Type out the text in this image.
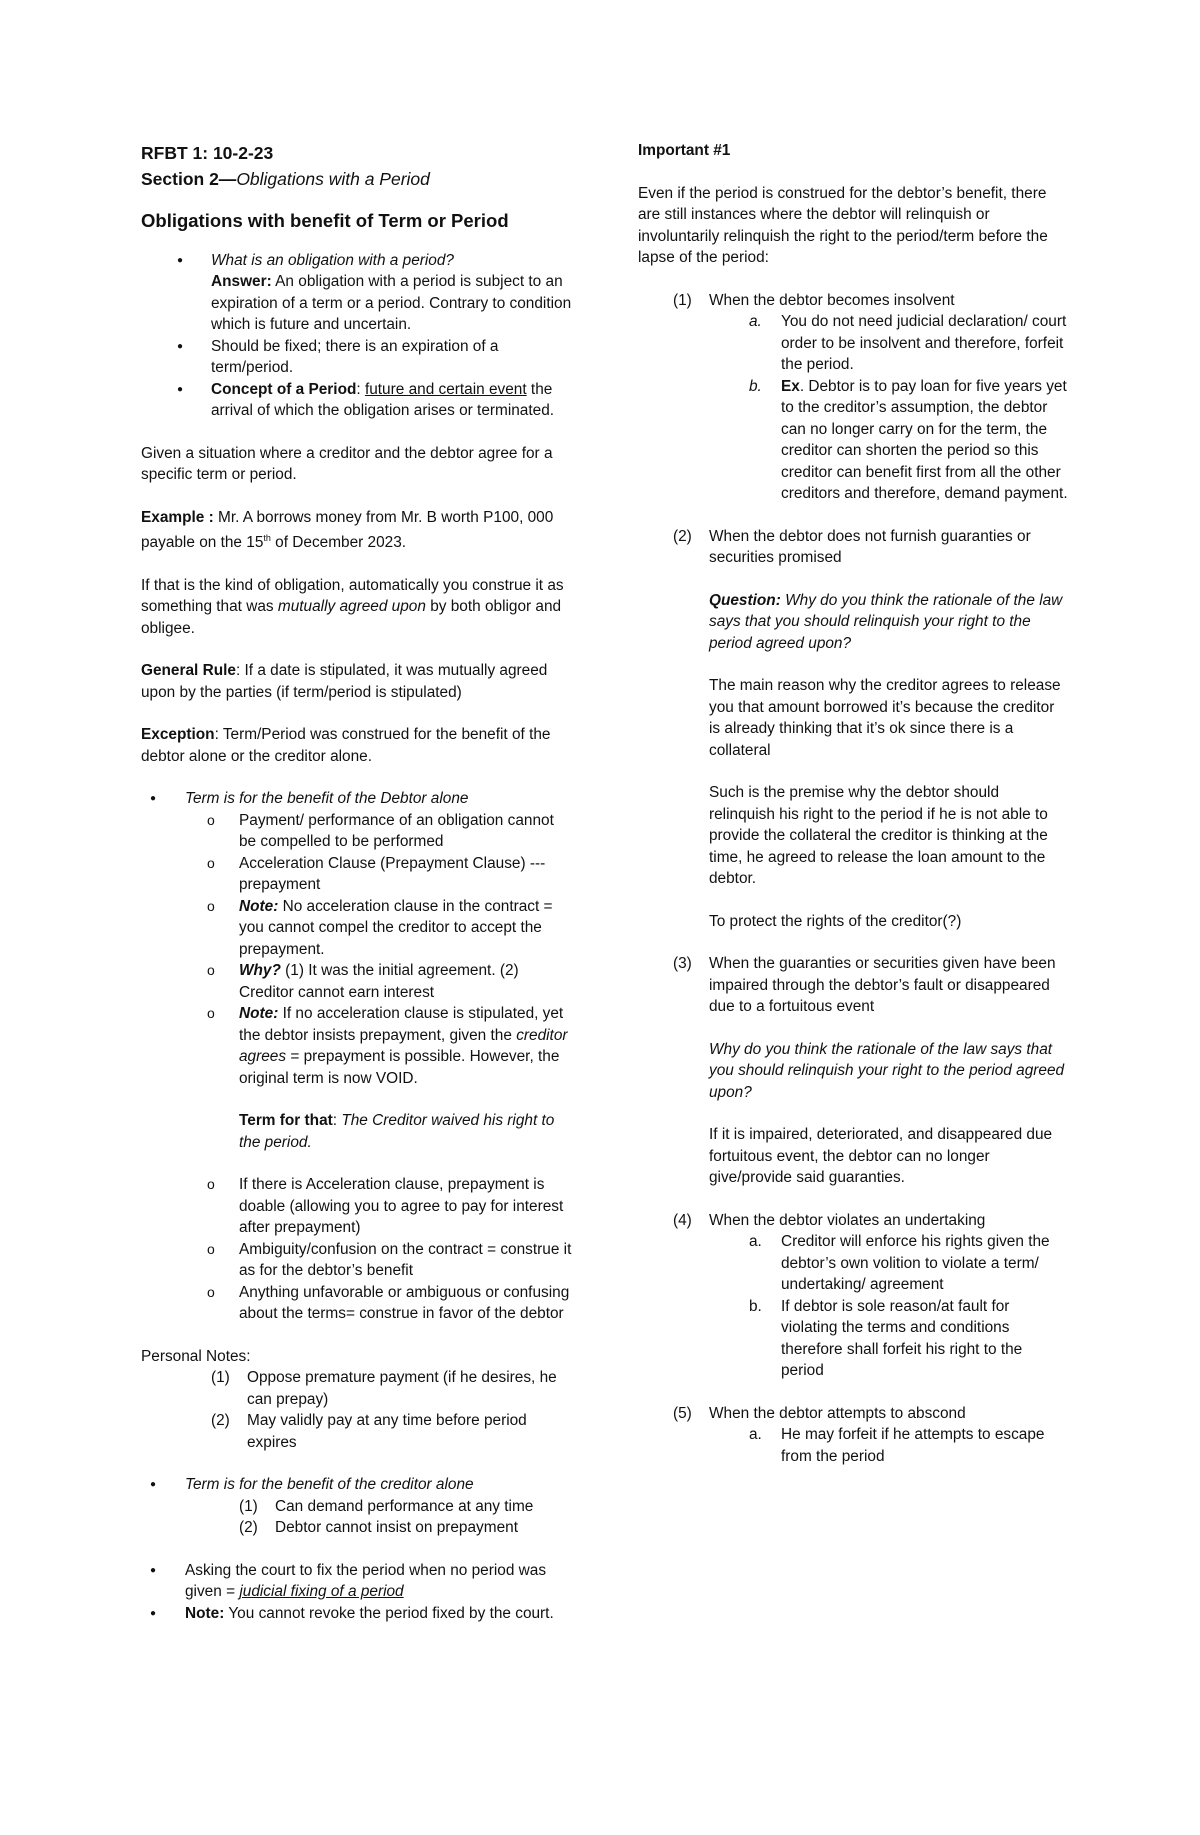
RFBT 1: 10-2-23

Section 2—Obligations with a Period

Obligations with benefit of Term or Period

● What is an obligation with a period?
Answer: An obligation with a period is subject to an expiration of a term or a period. Contrary to condition which is future and uncertain.
● Should be fixed; there is an expiration of a term/period.
● Concept of a Period: future and certain event the arrival of which the obligation arises or terminated.

Given a situation where a creditor and the debtor agree for a specific term or period.

Example : Mr. A borrows money from Mr. B worth P100, 000 payable on the 15th of December 2023.

If that is the kind of obligation, automatically you construe it as something that was mutually agreed upon by both obligor and obligee.

General Rule: If a date is stipulated, it was mutually agreed upon by the parties (if term/period is stipulated)

Exception: Term/Period was construed for the benefit of the debtor alone or the creditor alone.

● Term is for the benefit of the Debtor alone
o Payment/ performance of an obligation cannot be compelled to be performed
o Acceleration Clause (Prepayment Clause) --- prepayment
o Note: No acceleration clause in the contract = you cannot compel the creditor to accept the prepayment.
o Why? (1) It was the initial agreement. (2) Creditor cannot earn interest
o Note: If no acceleration clause is stipulated, yet the debtor insists prepayment, given the creditor agrees = prepayment is possible. However, the original term is now VOID.

Term for that: The Creditor waived his right to the period.

o If there is Acceleration clause, prepayment is doable (allowing you to agree to pay for interest after prepayment)
o Ambiguity/confusion on the contract = construe it as for the debtor’s benefit
o Anything unfavorable or ambiguous or confusing about the terms= construe in favor of the debtor

Personal Notes:

(1) Oppose premature payment (if he desires, he can prepay)
(2) May validly pay at any time before period expires
● Term is for the benefit of the creditor alone
(1) Can demand performance at any time
(2) Debtor cannot insist on prepayment
● Asking the court to fix the period when no period was given = judicial fixing of a period
● Note: You cannot revoke the period fixed by the court.

Important #1

Even if the period is construed for the debtor’s benefit, there are still instances where the debtor will relinquish or involuntarily relinquish the right to the period/term before the lapse of the period:

(1) When the debtor becomes insolvent
a. You do not need judicial declaration/ court order to be insolvent and therefore, forfeit the period.
b. Ex. Debtor is to pay loan for five years yet to the creditor’s assumption, the debtor can no longer carry on for the term, the creditor can shorten the period so this creditor can benefit first from all the other creditors and therefore, demand payment.
(2) When the debtor does not furnish guaranties or securities promised

Question: Why do you think the rationale of the law says that you should relinquish your right to the period agreed upon?

The main reason why the creditor agrees to release you that amount borrowed it’s because the creditor is already thinking that it’s ok since there is a collateral

Such is the premise why the debtor should relinquish his right to the period if he is not able to provide the collateral the creditor is thinking at the time, he agreed to release the loan amount to the debtor.

To protect the rights of the creditor(?)

(3) When the guaranties or securities given have been impaired through the debtor’s fault or disappeared due to a fortuitous event

Why do you think the rationale of the law says that you should relinquish your right to the period agreed upon?

If it is impaired, deteriorated, and disappeared due fortuitous event, the debtor can no longer give/provide said guaranties.

(4) When the debtor violates an undertaking
a. Creditor will enforce his rights given the debtor’s own volition to violate a term/ undertaking/ agreement
b. If debtor is sole reason/at fault for violating the terms and conditions therefore shall forfeit his right to the period
(5) When the debtor attempts to abscond
a. He may forfeit if he attempts to escape from the period
